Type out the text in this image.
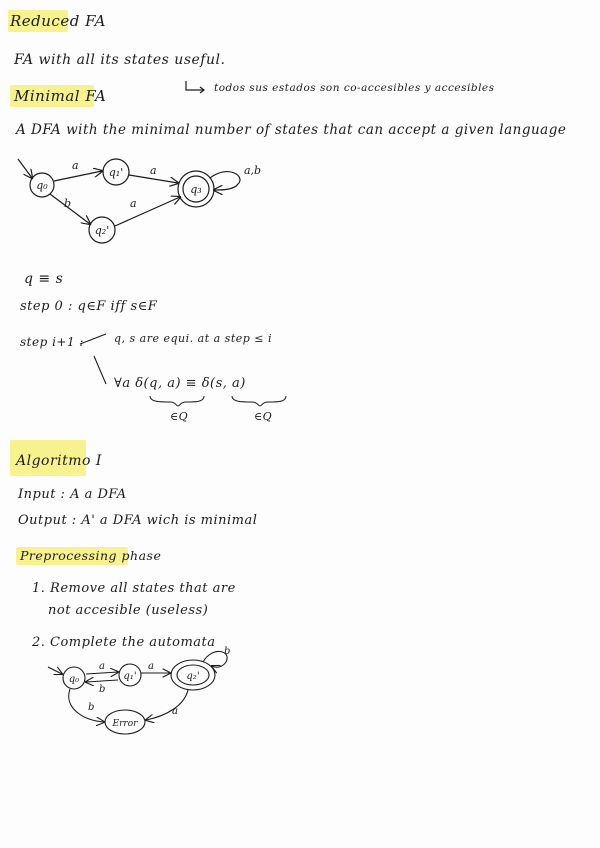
Reduced FA
FA with all its states useful.
Minimal FA	todos sus estados son co-accesibles y accesibles
A DFA with the minimal number of states that can accept a given language
q₀
q₁'
q₂'
q₃
a
b
a
a
a,b
q ≡ s
step 0 : q∈F iff s∈F
step i+1 :	q, s are equi. at a step ≤ i
∀a δ(q, a) ≡ δ(s, a)
∈Q	∈Q
Algoritmo I
Input : A a DFA
Output : A' a DFA wich is minimal
Preprocessing phase
1. Remove all states that are
not accesible (useless)
2. Complete the automata
q₀	q₁'	q₂'
Error
a
b
a
b
b	a
